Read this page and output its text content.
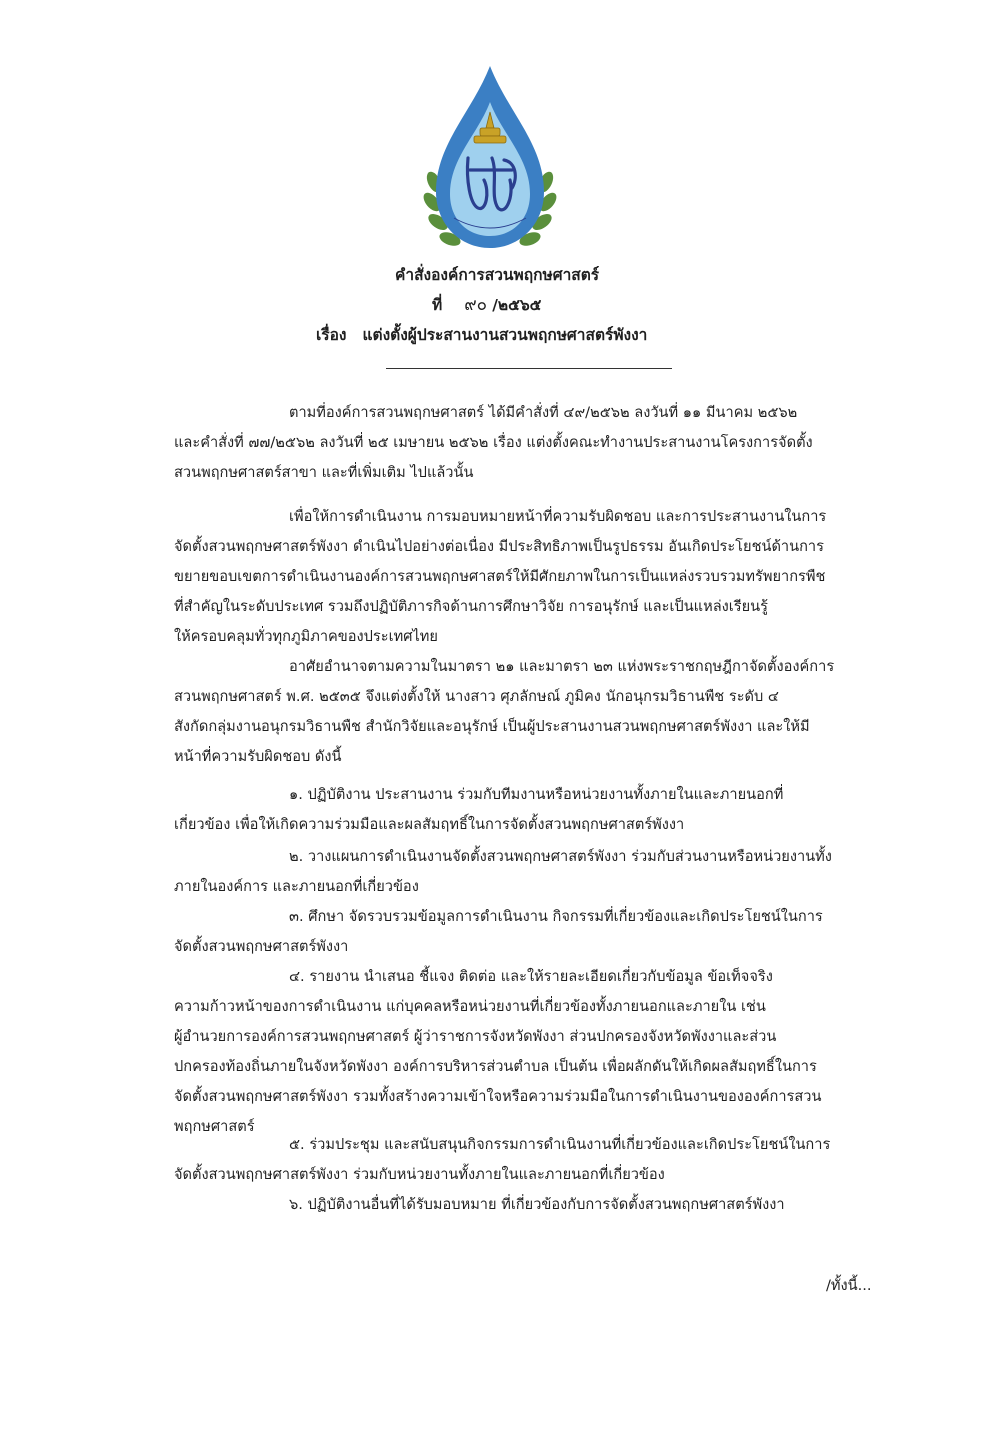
คำสั่งองค์การสวนพฤกษศาสตร์
ที่ ๙๐ /๒๕๖๕
เรื่อง แต่งตั้งผู้ประสานงานสวนพฤกษศาสตร์พังงา
ตามที่องค์การสวนพฤกษศาสตร์ ได้มีคำสั่งที่ ๔๙/๒๕๖๒ ลงวันที่ ๑๑ มีนาคม ๒๕๖๒
และคำสั่งที่ ๗๗/๒๕๖๒ ลงวันที่ ๒๕ เมษายน ๒๕๖๒ เรื่อง แต่งตั้งคณะทำงานประสานงานโครงการจัดตั้ง
สวนพฤกษศาสตร์สาขา และที่เพิ่มเติม ไปแล้วนั้น
เพื่อให้การดำเนินงาน การมอบหมายหน้าที่ความรับผิดชอบ และการประสานงานในการ
จัดตั้งสวนพฤกษศาสตร์พังงา ดำเนินไปอย่างต่อเนื่อง มีประสิทธิภาพเป็นรูปธรรม อันเกิดประโยชน์ด้านการ
ขยายขอบเขตการดำเนินงานองค์การสวนพฤกษศาสตร์ให้มีศักยภาพในการเป็นแหล่งรวบรวมทรัพยากรพืช
ที่สำคัญในระดับประเทศ รวมถึงปฏิบัติภารกิจด้านการศึกษาวิจัย การอนุรักษ์ และเป็นแหล่งเรียนรู้
ให้ครอบคลุมทั่วทุกภูมิภาคของประเทศไทย
อาศัยอำนาจตามความในมาตรา ๒๑ และมาตรา ๒๓ แห่งพระราชกฤษฎีกาจัดตั้งองค์การ
สวนพฤกษศาสตร์ พ.ศ. ๒๕๓๕ จึงแต่งตั้งให้ นางสาว ศุภลักษณ์ ภูมิคง นักอนุกรมวิธานพืช ระดับ ๔
สังกัดกลุ่มงานอนุกรมวิธานพืช สำนักวิจัยและอนุรักษ์ เป็นผู้ประสานงานสวนพฤกษศาสตร์พังงา และให้มี
หน้าที่ความรับผิดชอบ ดังนี้
๑. ปฏิบัติงาน ประสานงาน ร่วมกับทีมงานหรือหน่วยงานทั้งภายในและภายนอกที่
เกี่ยวข้อง เพื่อให้เกิดความร่วมมือและผลสัมฤทธิ์ในการจัดตั้งสวนพฤกษศาสตร์พังงา
๒. วางแผนการดำเนินงานจัดตั้งสวนพฤกษศาสตร์พังงา ร่วมกับส่วนงานหรือหน่วยงานทั้ง
ภายในองค์การ และภายนอกที่เกี่ยวข้อง
๓. ศึกษา จัดรวบรวมข้อมูลการดำเนินงาน กิจกรรมที่เกี่ยวข้องและเกิดประโยชน์ในการ
จัดตั้งสวนพฤกษศาสตร์พังงา
๔. รายงาน นำเสนอ ชี้แจง ติดต่อ และให้รายละเอียดเกี่ยวกับข้อมูล ข้อเท็จจริง
ความก้าวหน้าของการดำเนินงาน แก่บุคคลหรือหน่วยงานที่เกี่ยวข้องทั้งภายนอกและภายใน เช่น
ผู้อำนวยการองค์การสวนพฤกษศาสตร์ ผู้ว่าราชการจังหวัดพังงา ส่วนปกครองจังหวัดพังงาและส่วน
ปกครองท้องถิ่นภายในจังหวัดพังงา องค์การบริหารส่วนตำบล เป็นต้น เพื่อผลักดันให้เกิดผลสัมฤทธิ์ในการ
จัดตั้งสวนพฤกษศาสตร์พังงา รวมทั้งสร้างความเข้าใจหรือความร่วมมือในการดำเนินงานขององค์การสวน
พฤกษศาสตร์
๕. ร่วมประชุม และสนับสนุนกิจกรรมการดำเนินงานที่เกี่ยวข้องและเกิดประโยชน์ในการ
จัดตั้งสวนพฤกษศาสตร์พังงา ร่วมกับหน่วยงานทั้งภายในและภายนอกที่เกี่ยวข้อง
๖. ปฏิบัติงานอื่นที่ได้รับมอบหมาย ที่เกี่ยวข้องกับการจัดตั้งสวนพฤกษศาสตร์พังงา
/ทั้งนี้...
